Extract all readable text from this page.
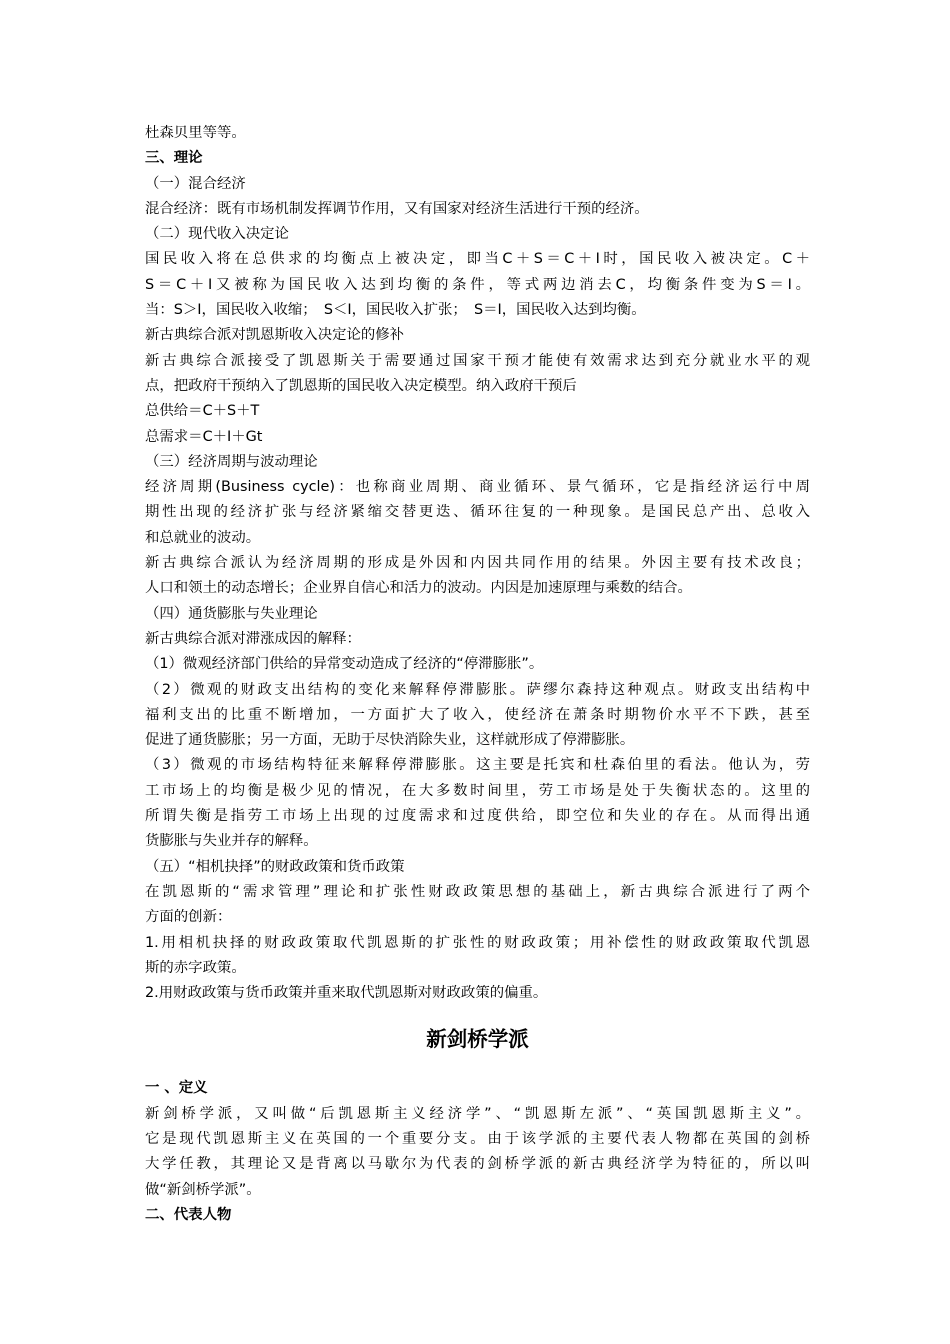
杜森贝里等等。
三、理论
（一）混合经济
混合经济：既有市场机制发挥调节作用，又有国家对经济生活进行干预的经济。
（二）现代收入决定论
国民收入将在总供求的均衡点上被决定，即当C＋S＝C＋I时，国民收入被决定。C＋
S＝C＋I又被称为国民收入达到均衡的条件，等式两边消去C，均衡条件变为S＝I。
当：S＞I，国民收入收缩；　S＜I，国民收入扩张；　S＝I，国民收入达到均衡。
新古典综合派对凯恩斯收入决定论的修补
新古典综合派接受了凯恩斯关于需要通过国家干预才能使有效需求达到充分就业水平的观
点，把政府干预纳入了凯恩斯的国民收入决定模型。纳入政府干预后
总供给＝C＋S＋T
总需求＝C＋I＋Gt
（三）经济周期与波动理论
经济周期(Business cycle)：也称商业周期、商业循环、景气循环，它是指经济运行中周
期性出现的经济扩张与经济紧缩交替更迭、循环往复的一种现象。是国民总产出、总收入
和总就业的波动。
新古典综合派认为经济周期的形成是外因和内因共同作用的结果。外因主要有技术改良；
人口和领土的动态增长；企业界自信心和活力的波动。内因是加速原理与乘数的结合。
（四）通货膨胀与失业理论
新古典综合派对滞涨成因的解释：
（1）微观经济部门供给的异常变动造成了经济的“停滞膨胀”。
（2）微观的财政支出结构的变化来解释停滞膨胀。萨缪尔森持这种观点。财政支出结构中
福利支出的比重不断增加，一方面扩大了收入，使经济在萧条时期物价水平不下跌，甚至
促进了通货膨胀；另一方面，无助于尽快消除失业，这样就形成了停滞膨胀。
（3）微观的市场结构特征来解释停滞膨胀。这主要是托宾和杜森伯里的看法。他认为，劳
工市场上的均衡是极少见的情况，在大多数时间里，劳工市场是处于失衡状态的。这里的
所谓失衡是指劳工市场上出现的过度需求和过度供给，即空位和失业的存在。从而得出通
货膨胀与失业并存的解释。
（五）“相机抉择”的财政政策和货币政策
在凯恩斯的“需求管理”理论和扩张性财政政策思想的基础上，新古典综合派进行了两个
方面的创新：
1.用相机抉择的财政政策取代凯恩斯的扩张性的财政政策；用补偿性的财政政策取代凯恩
斯的赤字政策。
2.用财政政策与货币政策并重来取代凯恩斯对财政政策的偏重。
新剑桥学派
一 、定义
新剑桥学派，又叫做“后凯恩斯主义经济学”、“凯恩斯左派”、“英国凯恩斯主义”。
它是现代凯恩斯主义在英国的一个重要分支。由于该学派的主要代表人物都在英国的剑桥
大学任教，其理论又是背离以马歇尔为代表的剑桥学派的新古典经济学为特征的，所以叫
做“新剑桥学派”。
二、代表人物
